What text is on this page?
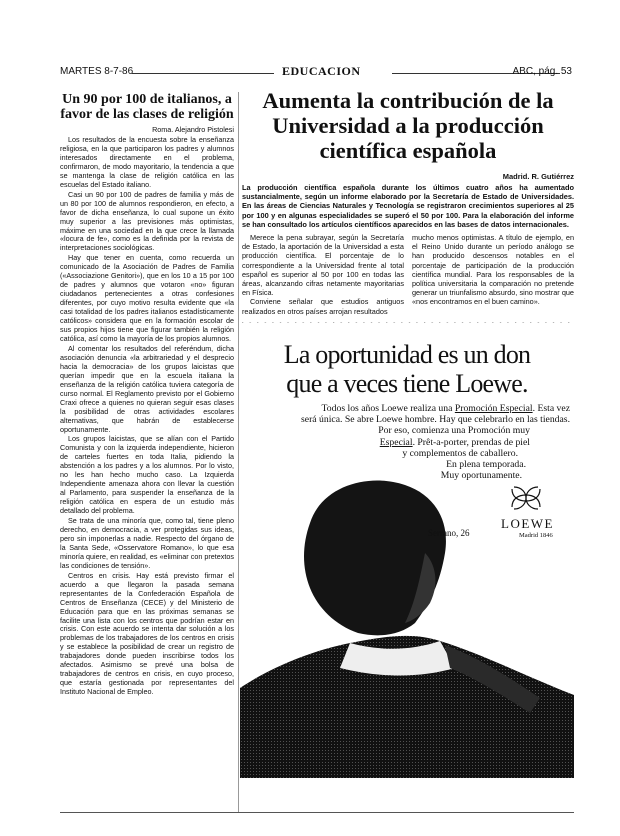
MARTES 8-7-86	EDUCACION	ABC, pág. 53
Un 90 por 100 de italianos, a favor de las clases de religión
Roma. Alejandro Pistolesi

Los resultados de la encuesta sobre la enseñanza religiosa, en la que participaron los padres y alumnos interesados directamente en el problema, confirmaron, de modo mayoritario, la tendencia a que se mantenga la clase de religión católica en las escuelas del Estado italiano.

Casi un 90 por 100 de padres de familia y más de un 80 por 100 de alumnos respondieron, en efecto, a favor de dicha enseñanza, lo cual supone un éxito muy superior a las previsiones más optimistas, máxime en una sociedad en la que crece la llamada «locura de fe», como es la definida por la revista de interpretaciones sociológicas.

Hay que tener en cuenta, como recuerda un comunicado de la Asociación de Padres de Familia («Associazione Genitori»), que en los 10 a 15 por 100 de padres y alumnos que votaron «no» figuran ciudadanos pertenecientes a otras confesiones diferentes, por cuyo motivo resulta evidente que «la casi totalidad de los padres italianos estadísticamente católicos» considera que en la formación escolar de sus propios hijos tiene que figurar también la religión católica, así como la mayoría de los propios alumnos.

Al comentar los resultados del referéndum, dicha asociación denuncia «la arbitrariedad y el desprecio hacia la democracia» de los grupos laicistas que querían impedir que en la escuela italiana la enseñanza de la religión católica tuviera categoría de curso normal. El Reglamento previsto por el Gobierno Craxi ofrece a quienes no quieran seguir esas clases la posibilidad de otras actividades escolares alternativas, que habrán de establecerse oportunamente.

Los grupos laicistas, que se alían con el Partido Comunista y con la izquierda independiente, hicieron de carteles fuertes en toda Italia, pidiendo la abstención a los padres y a los alumnos. Por lo visto, no les han hecho mucho caso. La Izquierda Independiente amenaza ahora con llevar la cuestión al Parlamento, para suspender la enseñanza de la religión católica en espera de un estudio más detallado del problema.

Se trata de una minoría que, como tal, tiene pleno derecho, en democracia, a ver protegidas sus ideas, pero sin imponerlas a nadie. Respecto del órgano de la Santa Sede, «Osservatore Romano», lo que esa minoría quiere, en realidad, es «eliminar con pretextos las condiciones de tensión».

Centros en crisis. Hay está previsto firmar el acuerdo a que llegaron la pasada semana representantes de la Confederación Española de Centros de Enseñanza (CECE) y del Ministerio de Educación para que en las próximas semanas se facilite una lista con los centros que podrían estar en crisis. Con este acuerdo se intenta dar solución a los problemas de los trabajadores de los centros en crisis y se establece la posibilidad de crear un registro de trabajadores donde pueden inscribirse todos los afectados. Asimismo se prevé una bolsa de trabajadores de centros en crisis, en cuyo proceso, que estaría gestionada por representantes del Instituto Nacional de Empleo.

Aumenta la contribución de la Universidad a la producción científica española
Madrid. R. Gutiérrez

La producción científica española durante los últimos cuatro años ha aumentado sustancialmente, según un informe elaborado por la Secretaría de Estado de Universidades. En las áreas de Ciencias Naturales y Tecnología se registraron crecimientos superiores al 25 por 100 y en algunas especialidades se superó el 50 por 100. Para la elaboración del informe se han consultado los artículos científicos aparecidos en las bases de datos internacionales.

Merece la pena subrayar, según la Secretaría de Estado, la aportación de la Universidad a esta producción científica. El porcentaje de lo correspondiente a la Universidad frente al total español es superior al 50 por 100 en todas las áreas, alcanzando cifras netamente mayoritarias en Física.

Conviene señalar que estudios antiguos realizados en otros países arrojan resultados

mucho menos optimistas. A título de ejemplo, en el Reino Unido durante un período análogo se han producido descensos notables en el porcentaje de participación de la producción científica mundial. Para los responsables de la política universitaria la comparación no pretende generar un triunfalismo absurdo, sino mostrar que «nos encontramos en el buen camino».

La oportunidad es un don
que a veces tiene Loewe.
Todos los años Loewe realiza una Promoción Especial. Esta vez
será única. Se abre Loewe hombre. Hay que celebrarlo en las tiendas.
Por eso, comienza una Promoción muy
Especial. Prêt-a-porter, prendas de piel
y complementos de caballero.
En plena temporada.
Muy oportunamente.
Serrano, 26
LOEWE
Madrid 1846
